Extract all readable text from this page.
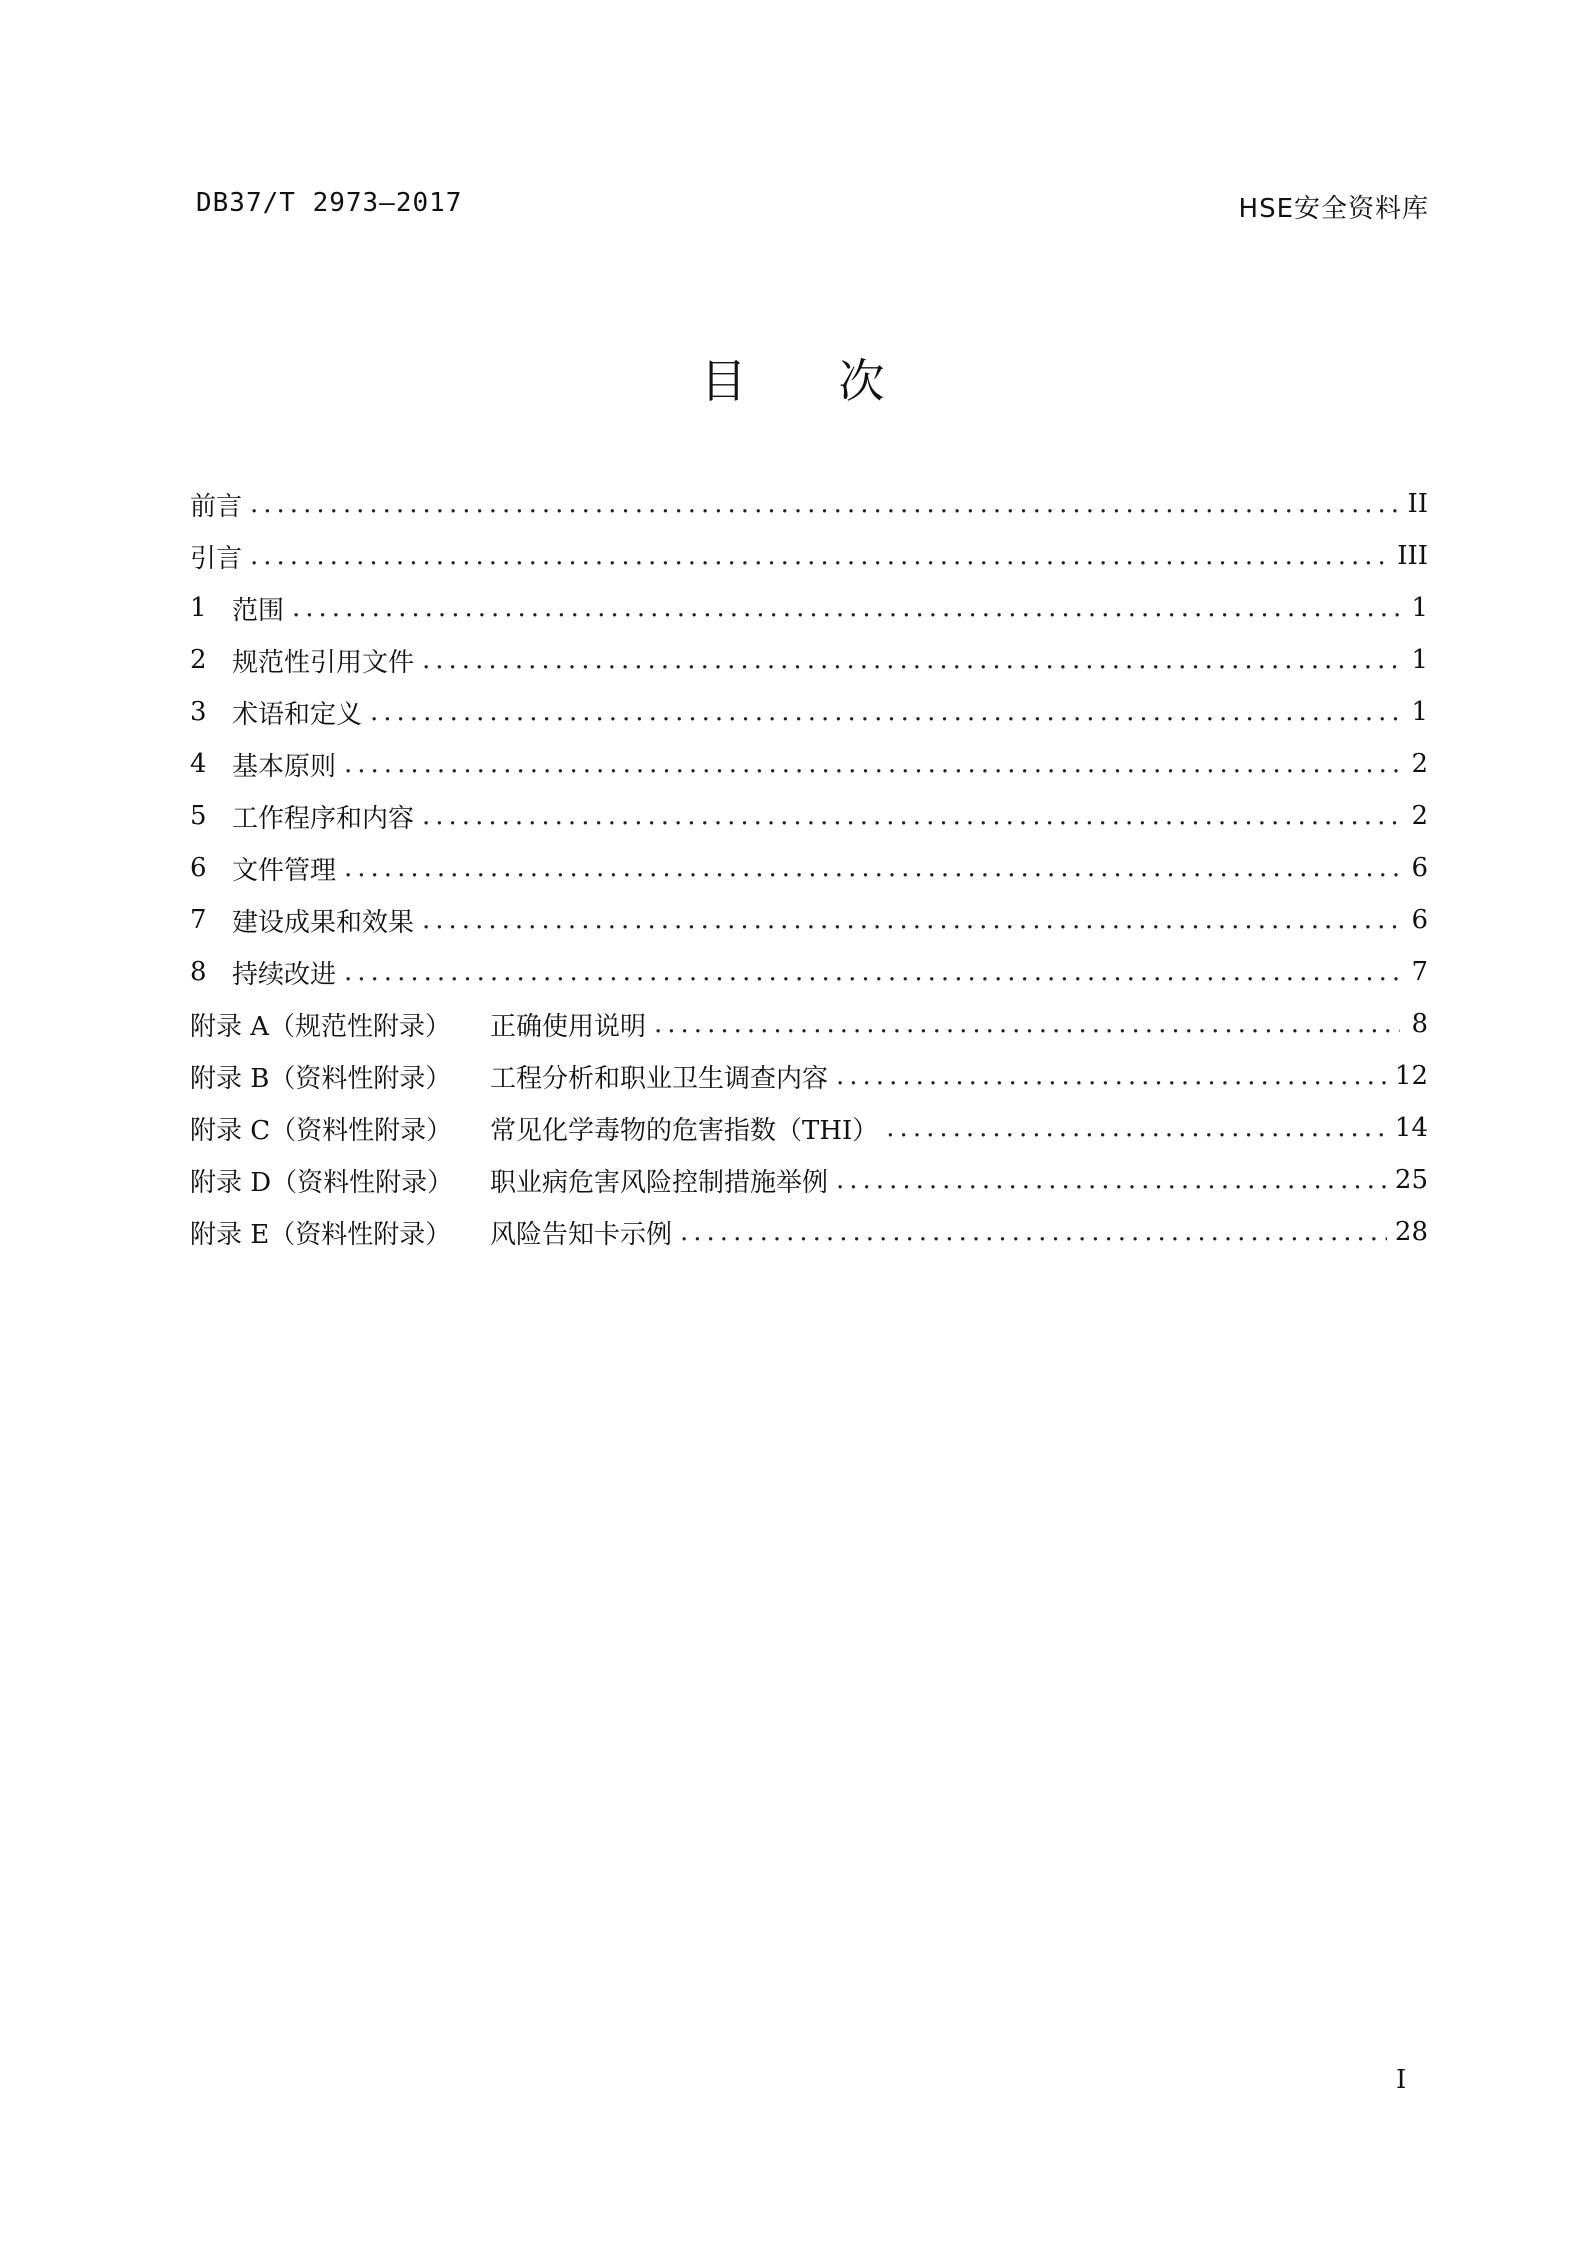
DB37/T 2973—2017	HSE安全资料库
目 次
前言 .....	II
引言 .....	III
1 范围 .....	1
2 规范性引用文件 .....	1
3 术语和定义 .....	1
4 基本原则 .....	2
5 工作程序和内容 .....	2
6 文件管理 .....	6
7 建设成果和效果 .....	6
8 持续改进 .....	7
附录 A（规范性附录）	正确使用说明 .....	8
附录 B（资料性附录）	工程分析和职业卫生调查内容 .....	12
附录 C（资料性附录）	常见化学毒物的危害指数（THI） .....	14
附录 D（资料性附录）	职业病危害风险控制措施举例 .....	25
附录 E（资料性附录）	风险告知卡示例 .....	28
I
